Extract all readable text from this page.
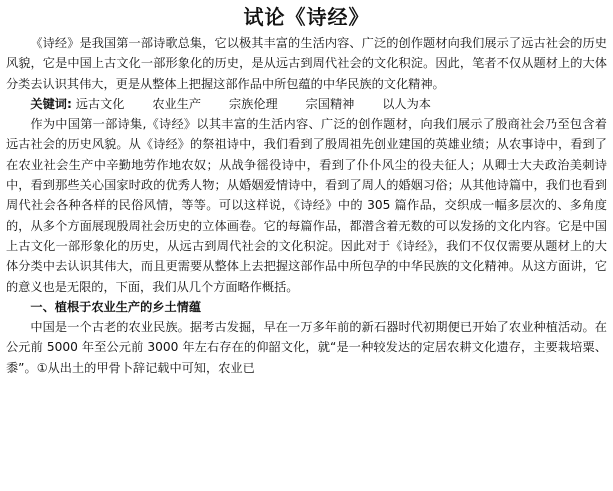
试论《诗经》

《诗经》是我国第一部诗歌总集，它以极其丰富的生活内容、广泛的创作题材向我们展示了远古社会的历史风貌，它是中国上古文化一部形象化的历史，是从远古到周代社会的文化积淀。因此，笔者不仅从题材上的大体分类去认识其伟大，更是从整体上把握这部作品中所包蕴的中华民族的文化精神。

关键词: 远古文化 农业生产 宗族伦理 宗国精神 以人为本

作为中国第一部诗集,《诗经》以其丰富的生活内容、广泛的创作题材，向我们展示了殷商社会乃至包含着远古社会的历史风貌。从《诗经》的祭祖诗中，我们看到了殷周祖先创业建国的英雄业绩；从农事诗中，看到了在农业社会生产中辛勤地劳作地农奴；从战争徭役诗中，看到了仆仆风尘的役夫征人；从卿士大夫政治美刺诗中，看到那些关心国家时政的优秀人物；从婚姻爱情诗中，看到了周人的婚姻习俗；从其他诗篇中，我们也看到周代社会各种各样的民俗风情，等等。可以这样说，《诗经》中的 305 篇作品，交织成一幅多层次的、多角度的，从多个方面展现殷周社会历史的立体画卷。它的每篇作品，都潜含着无数的可以发扬的文化内容。它是中国上古文化一部形象化的历史，从远古到周代社会的文化积淀。因此对于《诗经》，我们不仅仅需要从题材上的大体分类中去认识其伟大，而且更需要从整体上去把握这部作品中所包孕的中华民族的文化精神。从这方面讲，它的意义也是无限的，下面，我们从几个方面略作概括。

一、植根于农业生产的乡土情蕴

中国是一个古老的农业民族。据考古发掘，早在一万多年前的新石器时代初期便已开始了农业种植活动。在公元前 5000 年至公元前 3000 年左右存在的仰韶文化，就“是一种较发达的定居农耕文化遗存，主要栽培粟、黍”。①从出土的甲骨卜辞记载中可知，农业已
